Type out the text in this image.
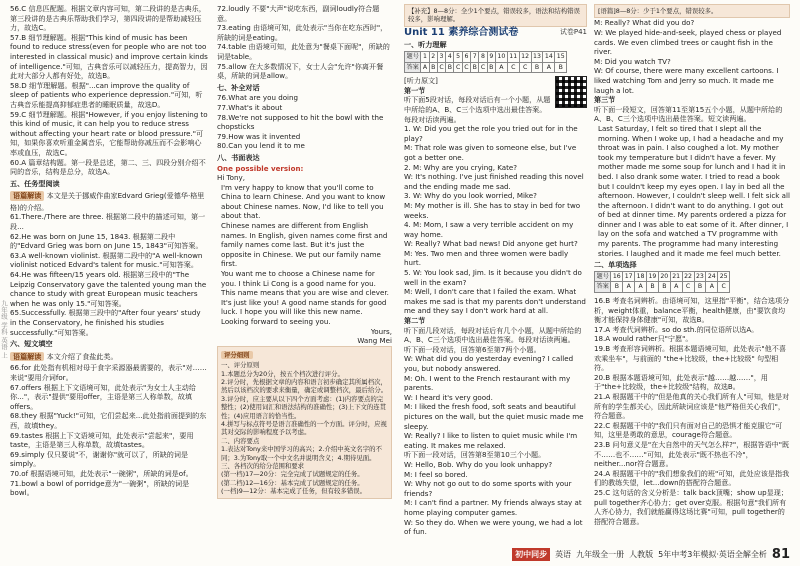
56.C 信息匹配题。根据文章内容可知，第二段讲的是古典乐，第三段讲的是古典乐帮助我们学习，第四段讲的是帮助减轻压力，故选C。

57.B 细节理解题。根据"This kind of music has been found to reduce stress(even for people who are not too interested in classical music) and improve certain kinds of intelligence."可知，古典音乐可以减轻压力，提高智力，因此对大部分人都有好处，故选B。

58.D 细节理解题。根据"...can improve the quality of sleep of patients who experience depression."可知，听古典音乐能提高抑郁症患者的睡眠质量，故选D。

59.C 细节理解题。根据"However, if you enjoy listening to this kind of music, it can help you to reduce stress without affecting your heart rate or blood pressure."可知，如果你喜欢听重金属音乐，它能帮助你减压而不会影响心率或血压，故选C。

60.A 篇章结构题。第一段是总述，第二、三、四段分别介绍不同的音乐，结构是总分，故选A。

五、任务型阅读

语篇解读 本文是关于挪威作曲家Edvard Grieg(爱德华·格里格)的介绍。

61.There./There are three. 根据第二段中的描述可知，第一段...

62.He was born on June 15, 1843. 根据第二段中的"Edvard Grieg was born on June 15, 1843"可知答案。

63.A well-known violinist. 根据第二段中的"A well-known violinist noticed Edvard's talent for music."可知答案。

64.He was fifteen/15 years old. 根据第三段中的"The Leipzig Conservatory gave the talented young man the chance to study with great European music teachers when he was only 15."可知答案。

65.Successfully. 根据第三段中的"After four years' study in the Conservatory, he finished his studies successfully."可知答案。

六、短文填空

语篇解读 本文介绍了食盐此类。

66.for 此处指有机相对母于食字采源器最需要的，表示"对……来说"要用介词for。

67.offers 根据上下文语境可知，此处表示"为女士人主动给你..."，表示"提供"要用offer，主语是第三人称单数，故填offers。

68.they 根据"Yuck!"可知，它们尝起来...此处指前面提到的东西，故填they。

69.tastes 根据上下文语境可知，此处表示"尝起来"，要用taste，主语是第三人称单数，故填tastes。

69.simply 仅只要说"不，谢谢你"就可以了，所缺的词是simply。

70.of 根据语境可知，此处表示"一碗粥"，所缺的词是of。

71.bowl a bowl of porridge意为"一碗粥"，所缺的词是bowl。

72.loudly 不要"大声"说吃东西，副词loudly符合题意。

73.eating 由语境可知，此处表示"当你在吃东西时"，所缺的词是eating。

74.table 由语境可知，此处意为"餐桌下面呢"，所缺的词是table。

75.allow 在大多数情况下，女士人会"允许"你离开餐桌，所缺的词是allow。

七、补全对话

76.What are you doing

77.What's it about

78.We're not supposed to hit the bowl with the chopsticks

79.How was it invented

80.Can you lend it to me

八、书面表达

One possible version:

Hi Tony,

I'm very happy to know that you'll come to China to learn Chinese. And you want to know about Chinese names. Now, I'd like to tell you about that.

Chinese names are different from English names. In English, given names come first and family names come last. But it's just the opposite in Chinese. We put our family name first.

You want me to choose a Chinese name for you. I think Li Cong is a good name for you. This name means that you are wise and clever. It's just like you! A good name stands for good luck. I hope you will like this new name.

Looking forward to seeing you.

Yours,

Wang Mei

评分细则

一、评分原则

1.本题总分为20分，按五个档次进行评分。

2.评分时，先根据文章的内容和语言初步确定其所属档次，然后以该档次的要求来衡量，确定或调整档次，最后给分。

3.评分时，应主要从以下四个方面考虑：(1)内容要点的完整性；(2)使用词汇和语法结构的准确性；(3)上下文的连贯性；(4)应用语言的恰当性。

4.拼写与标点符号是语言准确性的一个方面。评分时，应视其对交际的影响程度予以考虑。

二、内容要点

1.表达对Tony来中国学习的高兴；2.介绍中英文名字的不同；3.为Tony取一个中文名并说明含义；4.期待见面。

三、各档次的给分范围和要求

(第一档)17—20分：完全完成了试题规定的任务。

(第二档)12—16分：基本完成了试题规定的任务。

(一档)9—12分：基本完成了任务，但有较多错误。

【补充】8—8分：全少1个要点，错误较多，语法和结构错误较多，影响理解。
Unit 11 素养综合测试卷	试卷P41

一、听力理解

题号	1	2	3	4	5	6	7	8	9	10	11	12	13	14	15
答案	A	B	C	B	C	C	B	C	B	A	C	C	B	A	B

[听力原文]

第一节

听下面5段对话，每段对话后有一个小题，从题中所给的A、B、C三个选项中选出最佳答案。每段对话读两遍。

1. W: Did you get the role you tried out for in the play?

M: That role was given to someone else, but I've got a better one.

2. M: Why are you crying, Kate?

W: It's nothing. I've just finished reading this novel and the ending made me sad.

3. W: Why do you look worried, Mike?

M: My mother is ill. She has to stay in bed for two weeks.

4. M: Mom, I saw a very terrible accident on my way home.

W: Really? What bad news! Did anyone get hurt?

M: Yes. Two men and three women were badly hurt.

5. W: You look sad, Jim. Is it because you didn't do well in the exam?

M: Well, I don't care that I failed the exam. What makes me sad is that my parents don't understand me and they say I don't work hard at all.

第二节

听下面几段对话，每段对话后有几个小题，从题中所给的A、B、C三个选项中选出最佳答案。每段对话读两遍。

听下面一段对话，回答第6至第7两个小题。

W: What did you do yesterday evening? I called you, but nobody answered.

M: Oh. I went to the French restaurant with my parents.

W: I heard it's very good.

M: I liked the fresh food, soft seats and beautiful pictures on the wall, but the quiet music made me sleepy.

W: Really? I like to listen to quiet music while I'm eating. It makes me relaxed.

听下面一段对话，回答第8至第10三个小题。

W: Hello, Bob. Why do you look unhappy?

M: I feel so bored.

W: Why not go out to do some sports with your friends?

M: I can't find a partner. My friends always stay at home playing computer games.

W: So they do. When we were young, we had a lot of fun.

[语篇]8—8分：少于1个要点，错误较多。

M: Really? What did you do?

W: We played hide-and-seek, played chess or played cards. We even climbed trees or caught fish in the river.

M: Did you watch TV?

W: Of course, there were many excellent cartoons. I liked watching Tom and Jerry so much. It made me laugh a lot.

第三节

听下面一段短文，回答第11至第15五个小题，从题中所给的A、B、C三个选项中选出最佳答案。短文读两遍。

Last Saturday, I felt so tired that I slept all the morning. When I woke up, I had a headache and my throat was in pain. I also coughed a lot. My mother took my temperature but I didn't have a fever. My mother made me some soup for lunch and I had it in bed. I also drank some water. I tried to read a book but I couldn't keep my eyes open. I lay in bed all the afternoon. However, I couldn't sleep well. I felt sick all the afternoon. I didn't want to do anything. I got out of bed at dinner time. My parents ordered a pizza for dinner and I was able to eat some of it. After dinner, I lay on the sofa and watched a TV programme with my parents. The programme had many interesting stories. I laughed and it made me feel much better.

二、单项选择

题号	16	17	18	19	20	21	22	23	24	25
答案	B	A	A	B	B	A	C	B	A	C

16.B 考查名词辨析。由语境可知，这里指"平衡"，结合选项分析，weight体重，balance平衡，health健康，由"要饮食均衡才能保持身体健康"可知，故选B。

17.A 考查代词辨析。so do sth.的同位语所以选A。

18.A would rather只"宁愿"。

19.B 考查形容词辨析。根据本题语境可知，此处表示"他不喜欢乘坐车"，与前面的 "the+比较级，the+比较级" 句型相符。

20.B 根据本题语境可知，此处表示"越……越……"，用于"the+比较级，the+比较级"结构，故选B。

21.A 根据题干中的"但是他真的关心我们所有人"可知，他是对所有的学生都关心，因此所缺词应该是"他严格但关心我们"，符合题意。

22.C 根据题干中的"我们只有面对自己的恐惧才能克服它"可知，这里是勇敢的意思，courage符合题意。

23.B 问句意义是"在大自然中的天气怎么样?"，根据答语中"既不……也不……"可知，此处表示"既不热也不冷"，neither...nor符合题意。

24.A 根据题干中的"我们想象我们的班"可知，此处应该是指我们的教练失望，let...down的搭配符合题意。

25.C 这句话的含义分析是：talk back顶嘴；show up显现；pull together齐心协力；get over克服。根据句意"我们所有人齐心协力，我们就能赢得这场比赛"可知，pull together的搭配符合题意。

九年级 学科 英语 上
初中同步	英语 九年级全一册 人教版 5年中考3年模拟·英语全解全析 81
